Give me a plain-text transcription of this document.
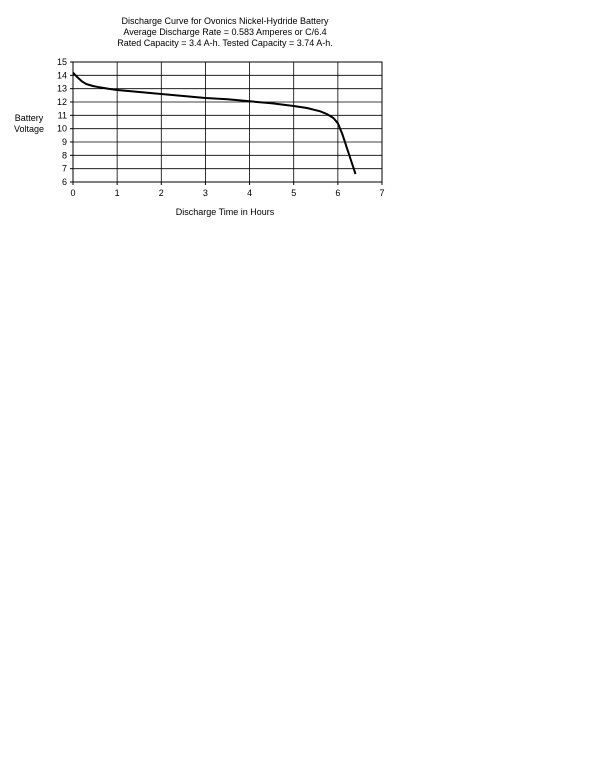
Discharge Curve for Ovonics Nickel-Hydride Battery
Average Discharge Rate = 0.583 Amperes or C/6.4
Rated Capacity = 3.4 A-h. Tested Capacity = 3.74 A-h.
Battery
Voltage
Discharge Time in Hours
6
7
8
9
10
11
12
13
14
15
0	1	2	3	4	5	6	7
